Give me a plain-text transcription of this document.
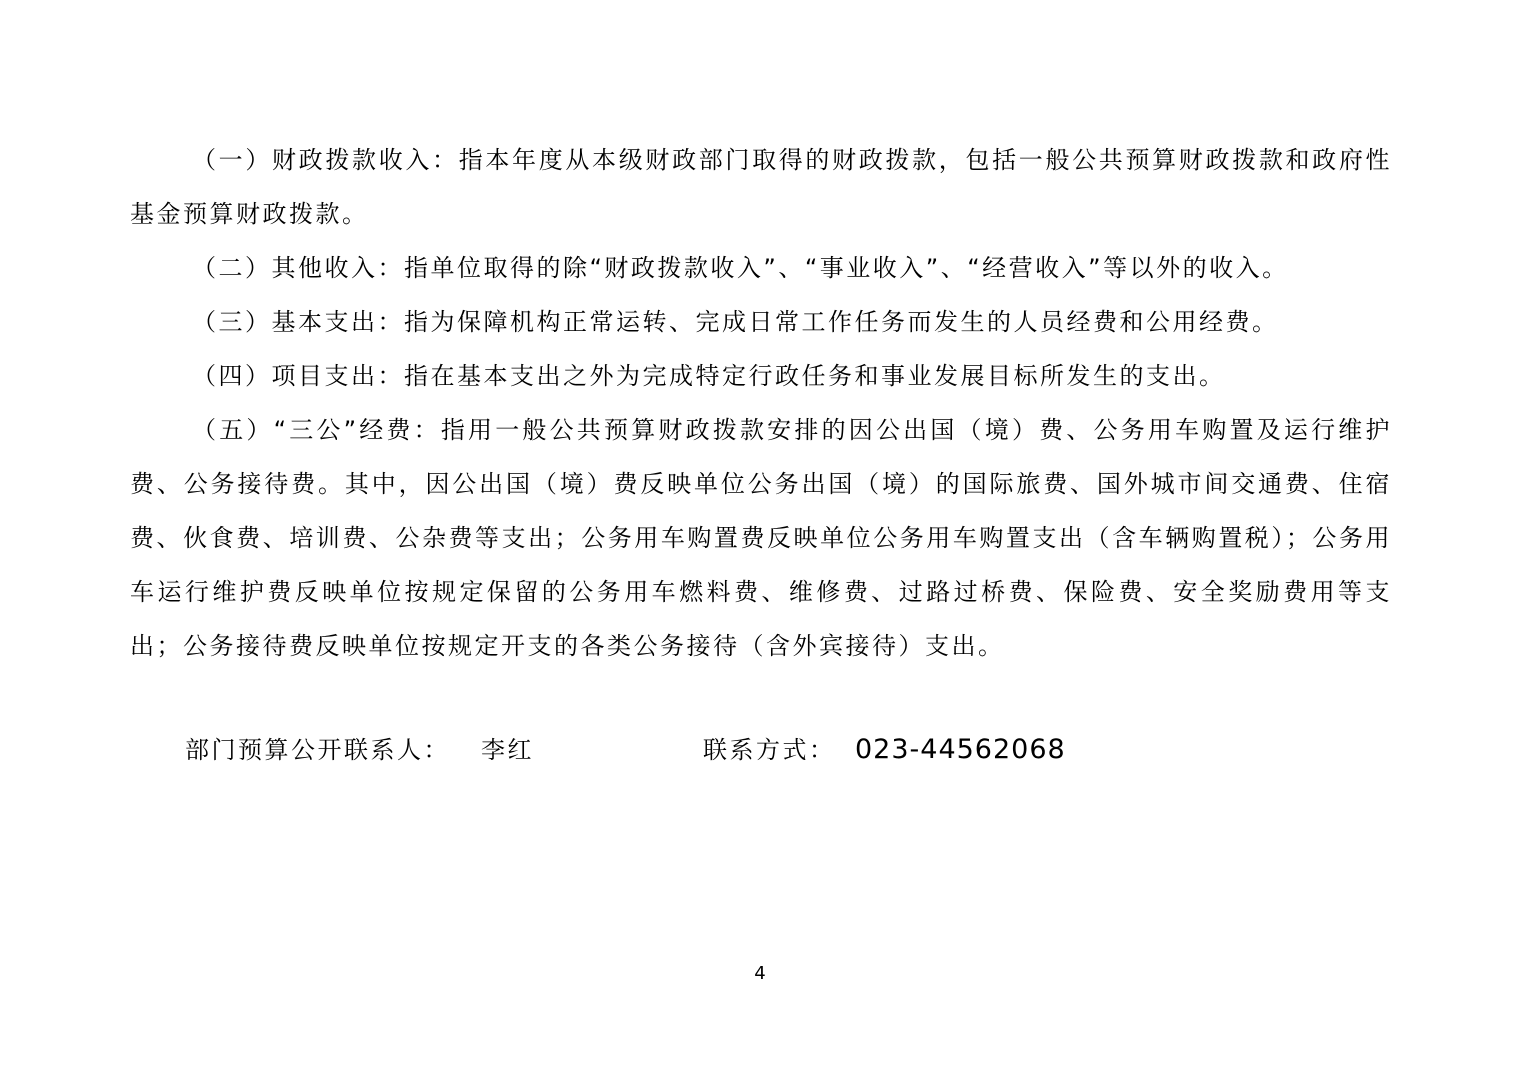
（一）财政拨款收入：指本年度从本级财政部门取得的财政拨款，包括一般公共预算财政拨款和政府性基金预算财政拨款。

（二）其他收入：指单位取得的除“财政拨款收入”、“事业收入”、“经营收入”等以外的收入。

（三）基本支出：指为保障机构正常运转、完成日常工作任务而发生的人员经费和公用经费。

（四）项目支出：指在基本支出之外为完成特定行政任务和事业发展目标所发生的支出。

（五）“三公”经费：指用一般公共预算财政拨款安排的因公出国（境）费、公务用车购置及运行维护费、公务接待费。其中，因公出国（境）费反映单位公务出国（境）的国际旅费、国外城市间交通费、住宿费、伙食费、培训费、公杂费等支出；公务用车购置费反映单位公务用车购置支出（含车辆购置税）；公务用车运行维护费反映单位按规定保留的公务用车燃料费、维修费、过路过桥费、保险费、安全奖励费用等支出；公务接待费反映单位按规定开支的各类公务接待（含外宾接待）支出。

部门预算公开联系人： 李红	联系方式： 023-44562068
4
